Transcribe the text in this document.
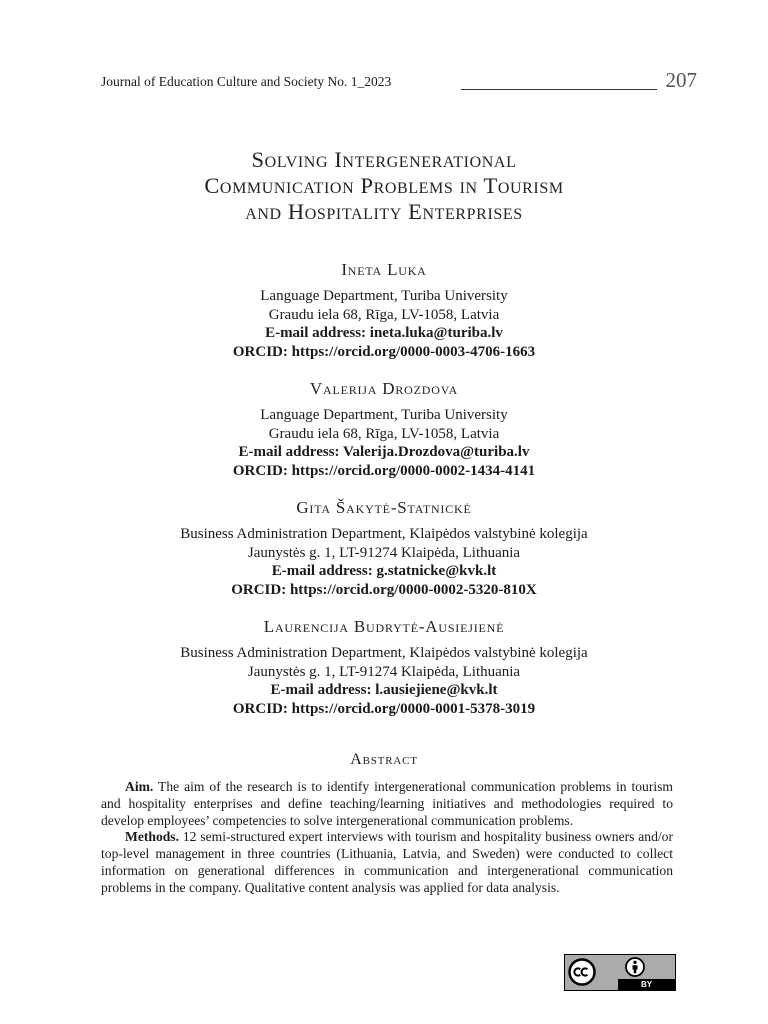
Journal of Education Culture and Society No. 1_2023	207
Solving Intergenerational
Communication Problems in Tourism
and Hospitality Enterprises
Ineta Luka
Language Department, Turiba University
Graudu iela 68, Rīga, LV-1058, Latvia
E-mail address: ineta.luka@turiba.lv
ORCID: https://orcid.org/0000-0003-4706-1663
Valerija Drozdova
Language Department, Turiba University
Graudu iela 68, Rīga, LV-1058, Latvia
E-mail address: Valerija.Drozdova@turiba.lv
ORCID: https://orcid.org/0000-0002-1434-4141
Gita Šakytė-Statnickė
Business Administration Department, Klaipėdos valstybinė kolegija
Jaunystės g. 1, LT-91274 Klaipėda, Lithuania
E-mail address: g.statnicke@kvk.lt
ORCID: https://orcid.org/0000-0002-5320-810X
Laurencija Budrytė-Ausiejienė
Business Administration Department, Klaipėdos valstybinė kolegija
Jaunystės g. 1, LT-91274 Klaipėda, Lithuania
E-mail address: l.ausiejiene@kvk.lt
ORCID: https://orcid.org/0000-0001-5378-3019
Abstract

Aim. The aim of the research is to identify intergenerational communication problems in tourism and hospitality enterprises and define teaching/learning initiatives and methodologies required to develop employees’ competencies to solve intergenerational communication problems.

Methods. 12 semi-structured expert interviews with tourism and hospitality business owners and/or top-level management in three countries (Lithuania, Latvia, and Sweden) were conducted to collect information on generational differences in communication and intergenerational communication problems in the company. Qualitative content analysis was applied for data analysis.

BY
